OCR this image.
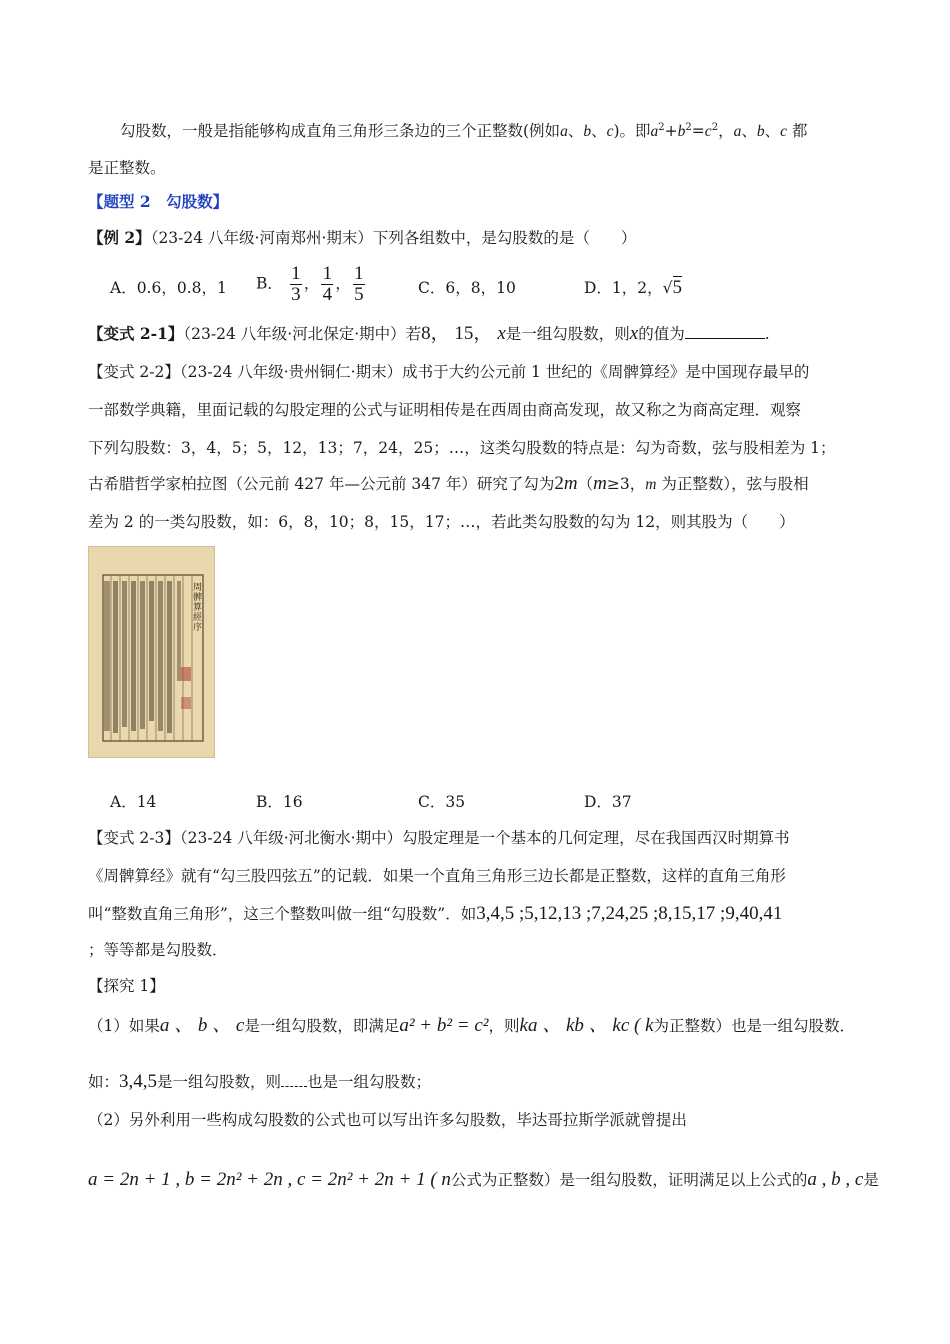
勾股数，一般是指能够构成直角三角形三条边的三个正整数(例如a、b、c)。即$a^2+b^2=c^2$，a、b、c 都
是正整数。
【题型 2　勾股数】
【例 2】（23-24 八年级·河南郑州·期末）下列各组数中，是勾股数的是（　　）
A．0.6，0.8，1 B． $\frac{1}{3}$ ， $\frac{1}{4}$ ， $\frac{1}{5}$	C．6，8，10	D．1，2，√5
【变式 2-1】（23-24 八年级·河北保定·期中）若8， 15， x是一组勾股数，则x的值为	.
【变式 2-2】（23-24 八年级·贵州铜仁·期末）成书于大约公元前 1 世纪的《周髀算经》是中国现存最早的
一部数学典籍，里面记载的勾股定理的公式与证明相传是在西周由商高发现，故又称之为商高定理．观察
下列勾股数：3，4，5；5，12，13；7，24，25；…，这类勾股数的特点是：勾为奇数，弦与股相差为 1；
古希腊哲学家柏拉图（公元前 427 年—公元前 347 年）研究了勾为2m（m≥3，m 为正整数），弦与股相
差为 2 的一类勾股数，如：6，8，10；8，15，17；…，若此类勾股数的勾为 12，则其股为（　　）
周髀算經序
A．14	B．16	C．35	D．37
【变式 2-3】（23-24 八年级·河北衡水·期中）勾股定理是一个基本的几何定理，尽在我国西汉时期算书
《周髀算经》就有“勾三股四弦五”的记载．如果一个直角三角形三边长都是正整数，这样的直角三角形
叫“整数直角三角形”，这三个整数叫做一组“勾股数”．如3,4,5 ;5,12,13 ;7,24,25 ;8,15,17 ;9,40,41
；等等都是勾股数．
【探究 1】
（1）如果a 、 b 、 c是一组勾股数，即满足a² + b² = c²，则ka 、 kb 、 kc ( k为正整数）也是一组勾股数．
如：3,4,5是一组勾股数，则 也是一组勾股数；
（2）另外利用一些构成勾股数的公式也可以写出许多勾股数，毕达哥拉斯学派就曾提出
a = 2n + 1 , b = 2n² + 2n , c = 2n² + 2n + 1 ( n公式为正整数）是一组勾股数，证明满足以上公式的a , b , c是
